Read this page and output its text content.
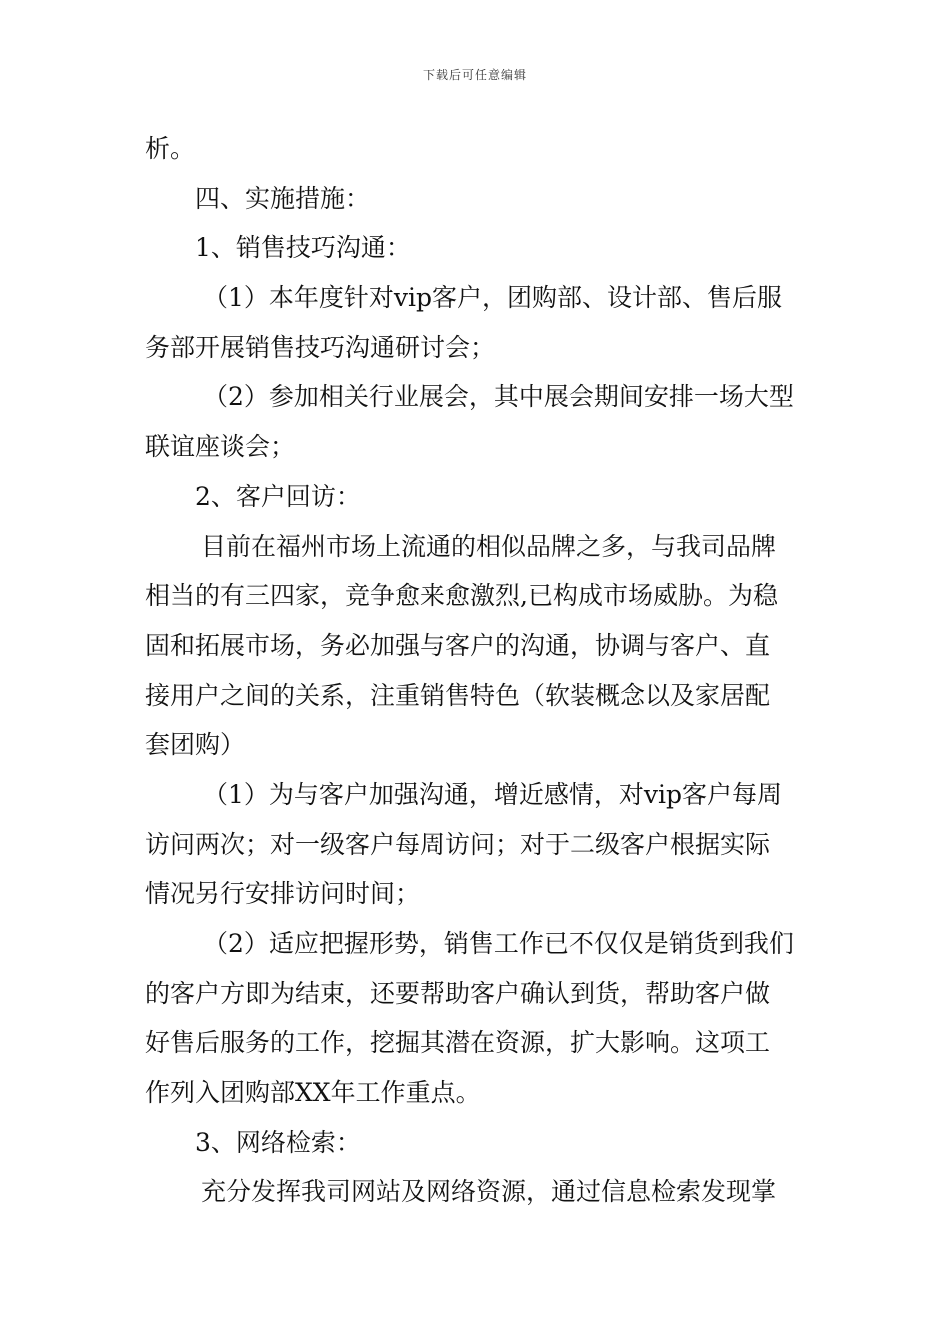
下载后可任意编辑
析。
四、实施措施：
1、销售技巧沟通：
（1）本年度针对vip客户，团购部、设计部、售后服
务部开展销售技巧沟通研讨会；
（2）参加相关行业展会，其中展会期间安排一场大型
联谊座谈会；
2、客户回访：
目前在福州市场上流通的相似品牌之多，与我司品牌
相当的有三四家，竞争愈来愈激烈,已构成市场威胁。为稳
固和拓展市场，务必加强与客户的沟通，协调与客户、直
接用户之间的关系，注重销售特色（软装概念以及家居配
套团购）
（1）为与客户加强沟通，增近感情，对vip客户每周
访问两次；对一级客户每周访问；对于二级客户根据实际
情况另行安排访问时间；
（2）适应把握形势，销售工作已不仅仅是销货到我们
的客户方即为结束，还要帮助客户确认到货，帮助客户做
好售后服务的工作，挖掘其潜在资源，扩大影响。这项工
作列入团购部XX年工作重点。
3、网络检索：
充分发挥我司网站及网络资源，通过信息检索发现掌
